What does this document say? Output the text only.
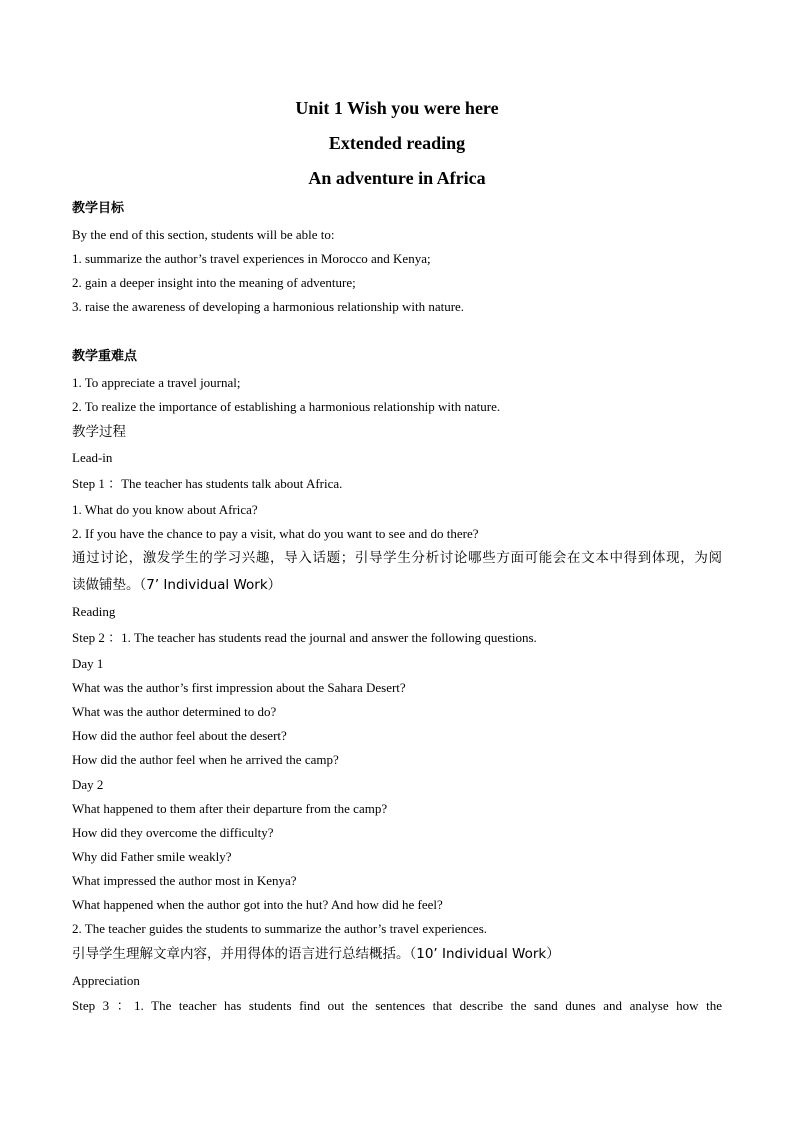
Unit 1 Wish you were here
Extended reading
An adventure in Africa
教学目标
By the end of this section, students will be able to:
1. summarize the author’s travel experiences in Morocco and Kenya;
2. gain a deeper insight into the meaning of adventure;
3. raise the awareness of developing a harmonious relationship with nature.
教学重难点
1. To appreciate a travel journal;
2. To realize the importance of establishing a harmonious relationship with nature.
教学过程
Lead-in
Step 1 ：The teacher has students talk about Africa.
1. What do you know about Africa?
2. If you have the chance to pay a visit, what do you want to see and do there?
通过讨论，激发学生的学习兴趣，导入话题；引导学生分析讨论哪些方面可能会在文本中得到体现，为阅
读做铺垫。（7’ Individual Work）
Reading
Step 2 ：1. The teacher has students read the journal and answer the following questions.
Day 1
What was the author’s first impression about the Sahara Desert?
What was the author determined to do?
How did the author feel about the desert?
How did the author feel when he arrived the camp?
Day 2
What happened to them after their departure from the camp?
How did they overcome the difficulty?
Why did Father smile weakly?
What impressed the author most in Kenya?
What happened when the author got into the hut? And how did he feel?
2. The teacher guides the students to summarize the author’s travel experiences.
引导学生理解文章内容，并用得体的语言进行总结概括。（10’ Individual Work）
Appreciation
Step 3 ：1. The teacher has students find out the sentences that describe the sand dunes and analyse how the
